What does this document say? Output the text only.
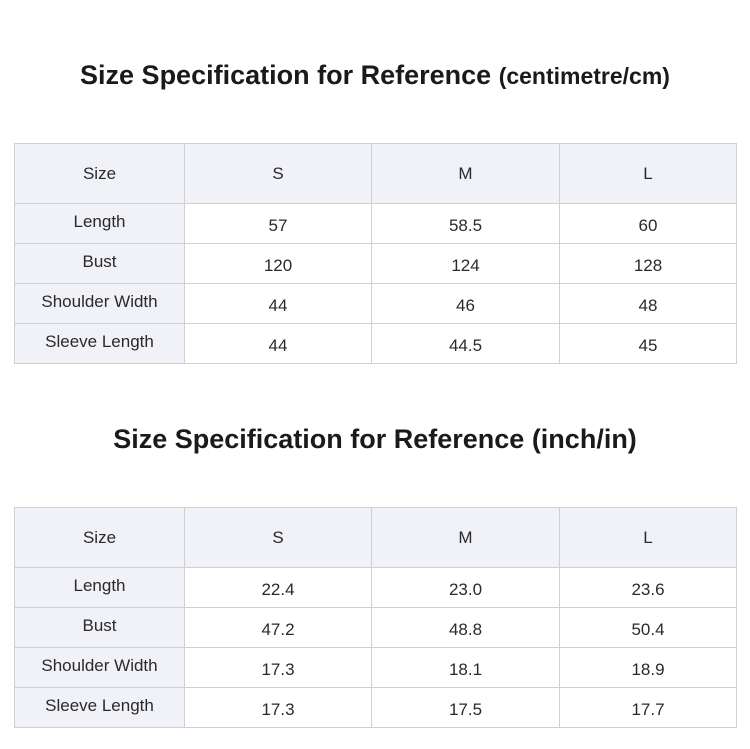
Size Specification for Reference (centimetre/cm)
Size	S	M	L
Length	57	58.5	60
Bust	120	124	128
Shoulder Width	44	46	48
Sleeve Length	44	44.5	45
Size Specification for Reference (inch/in)
Size	S	M	L
Length	22.4	23.0	23.6
Bust	47.2	48.8	50.4
Shoulder Width	17.3	18.1	18.9
Sleeve Length	17.3	17.5	17.7
